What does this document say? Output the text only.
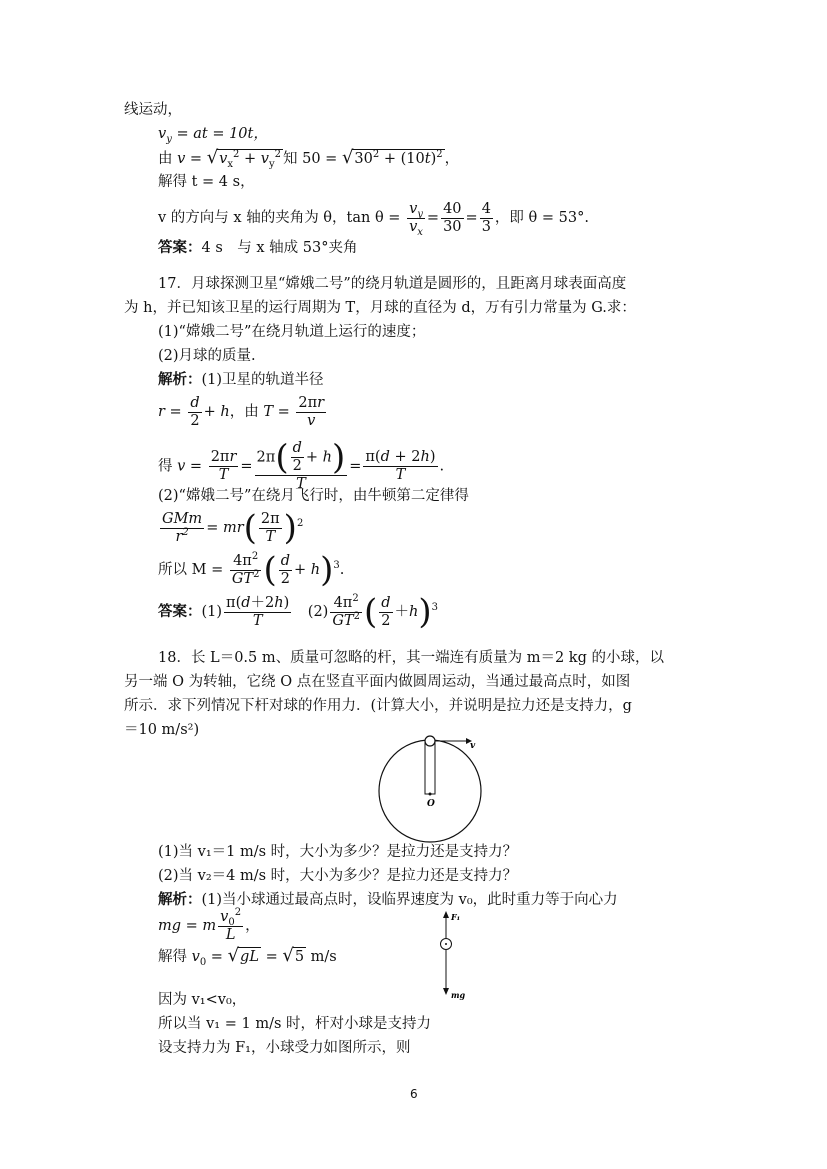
线运动，
$v_y$ = at = 10t，
由 $v = √v_x^2 + v_y^2$ 知 $50 = √30^2 + (10t)^2$ ，
解得 t = 4 s，
v 的方向与 x 轴的夹角为 θ，$\tan \theta = \frac{v_y}{v_x} = \frac{40}{30} = \frac{4}{3}$ ，即 θ = 53°.
答案：4 s　与 x 轴成 53°夹角
17．月球探测卫星“嫦娥二号”的绕月轨道是圆形的，且距离月球表面高度
为 h，并已知该卫星的运行周期为 T，月球的直径为 d，万有引力常量为 G.求：
(1)“嫦娥二号”在绕月轨道上运行的速度；
(2)月球的质量.
解析：(1)卫星的轨道半径
$r = \frac{d}{2} + h$，由 $T = \frac{2\pi r}{v}$
得 $v = \frac{2\pi r}{T} = \frac{2\pi( \frac{d}{2} + h)}{T} = \frac{\pi(d + 2h)}{T}$ .
(2)“嫦娥二号”在绕月飞行时，由牛顿第二定律得
$\frac{\text{GMm}}{r^2} = mr( \frac{2\pi}{T} )^2$
所以 $M = \frac{4\pi^2}{GT^2}$ ( $\frac{d}{2} + h)^3$.
答案：$(1) \frac{\pi(d+2h)}{T}$ 　$(2) \frac{4\pi^2}{GT^2}$ ( $\frac{d}{2} +h)^3$
18．长 L＝0.5 m、质量可忽略的杆，其一端连有质量为 m＝2 kg 的小球，以
另一端 O 为转轴，它绕 O 点在竖直平面内做圆周运动，当通过最高点时，如图
所示．求下列情况下杆对球的作用力．(计算大小，并说明是拉力还是支持力，g
＝10 m/s²)
v
O
(1)当 v₁＝1 m/s 时，大小为多少？是拉力还是支持力？
(2)当 v₂＝4 m/s 时，大小为多少？是拉力还是支持力？
解析：(1)当小球通过最高点时，设临界速度为 v₀，此时重力等于向心力
mg = m $\frac{v_0^2}{L}$ ，
解得 $v_0 = √gL = √5$ m/s
F₁
mg
因为 v₁<v₀，
所以当 v₁ = 1 m/s 时，杆对小球是支持力
设支持力为 F₁，小球受力如图所示，则
6
